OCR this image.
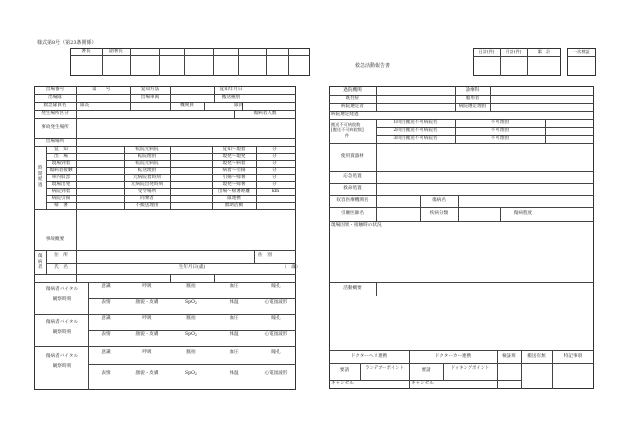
様式第8号（第23条関係）
署長	副署長
救急活動報告書
日計(件)	月計(件)	累　計	一次検証
出場番号	第　　号	覚知方法	覚知年月日
出場隊	出場車両	搬送種別
救急隊員名	隊長	機関員	隊員
発生場所区分	傷病者人数
事故発生場所
出場場所
時間経過
覚　知	転院元病院	覚知〜現着	分
出　場	転院理由	現発〜現発	分
現場到着	転院元病院	現発〜病着	分
傷病者接触	転送理由	病着〜引揚	分
車内収容	元病院着時刻	引揚〜帰署	分
現場出発	元病院出発時刻	現発〜帰署	分
病院到着	受令場所	出場〜帰署距離	km
病院引揚	同乗者	隊連携
帰　署	不搬送理由	救助活動
事故概要
傷病者
住　所	佐　別
氏　名	生年月日(歳)	（　歳）
傷病者バイタル
観察時刻
傷病者バイタル
観察時刻
傷病者バイタル
観察時刻
意識	呼吸	脈拍	血圧	瞳孔
表情	顔貌・皮膚	SpO$_2$	体温	心電図波形
意識	呼吸	脈拍	血圧	瞳孔
表情	顔貌・皮膚	SpO$_2$	体温	心電図波形
意識	呼吸	脈拍	血圧	瞳孔
表情	顔貌・皮膚	SpO$_2$	体温	心電図波形
過院機関	診療科
既往症	服用者
病院選定者	病院選定理由
病院選定経過
搬送不可病院数
[搬送不可病院数]
件
1回目搬送不可病院名	不可理由
2回目搬送不可病院名	不可理由
3回目搬送不可病院名	不可理由
使用資器材
応急処置
救命処置
収容医療機関名	傷病名
引継医師名	疾病分類	傷病程度
現場因果・接触時の状況
活動概要
ドクターヘリ連携	ドクターカー連携	検証班	搬送有無	特記事項
要請	ランデブーポイント	要請	ドッキングポイント
キャンセル	キャンセル
